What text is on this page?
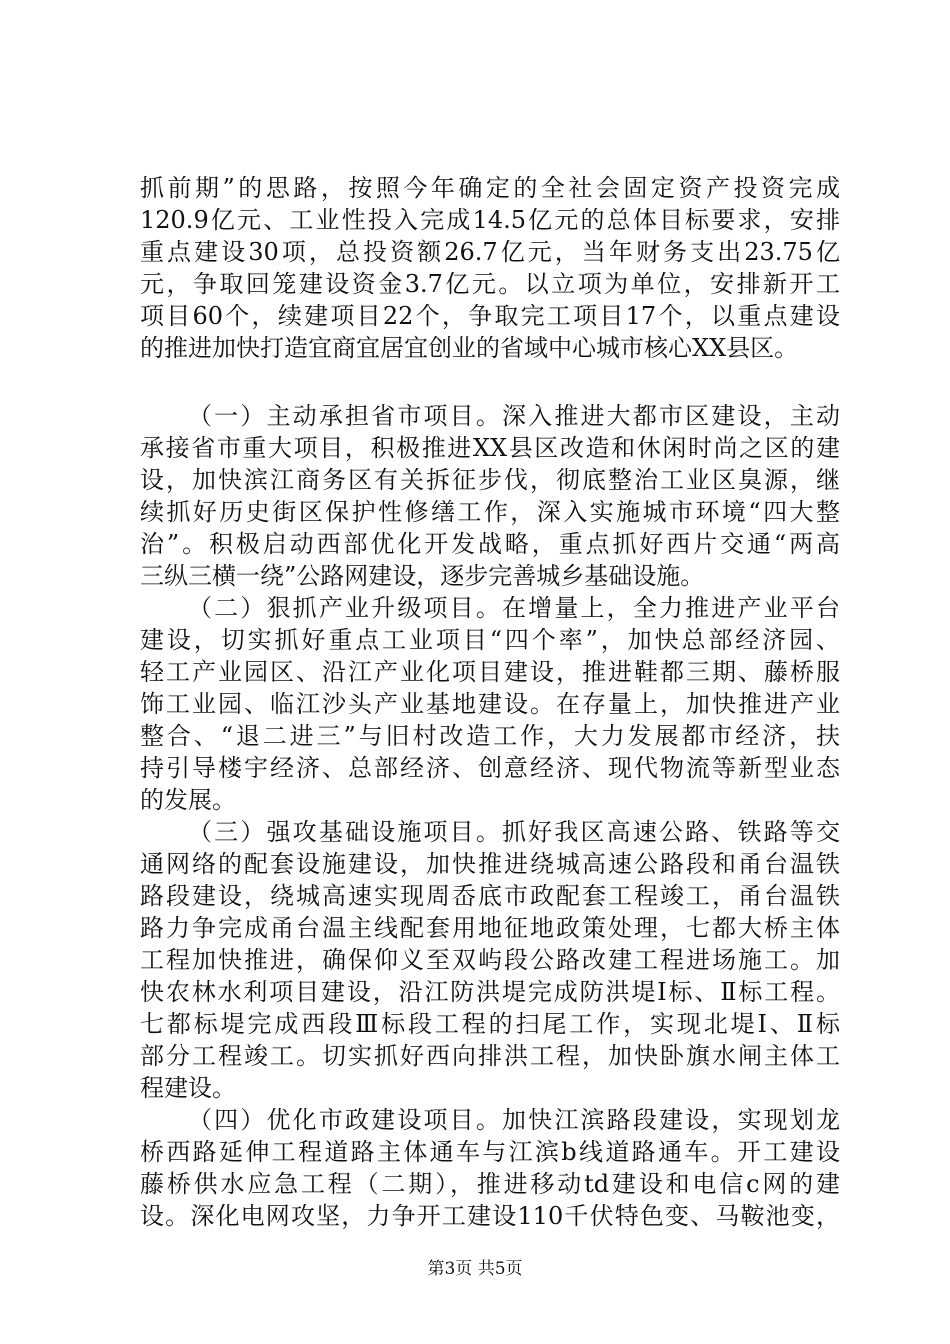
抓前期”的思路，按照今年确定的全社会固定资产投资完成
120.9亿元、工业性投入完成14.5亿元的总体目标要求，安排
重点建设30项，总投资额26.7亿元，当年财务支出23.75亿
元，争取回笼建设资金3.7亿元。以立项为单位，安排新开工
项目60个，续建项目22个，争取完工项目17个，以重点建设
的推进加快打造宜商宜居宜创业的省域中心城市核心XX县区。
（一）主动承担省市项目。深入推进大都市区建设，主动
承接省市重大项目，积极推进XX县区改造和休闲时尚之区的建
设，加快滨江商务区有关拆征步伐，彻底整治工业区臭源，继
续抓好历史街区保护性修缮工作，深入实施城市环境“四大整
治”。积极启动西部优化开发战略，重点抓好西片交通“两高
三纵三横一绕”公路网建设，逐步完善城乡基础设施。
（二）狠抓产业升级项目。在增量上，全力推进产业平台
建设，切实抓好重点工业项目“四个率”，加快总部经济园、
轻工产业园区、沿江产业化项目建设，推进鞋都三期、藤桥服
饰工业园、临江沙头产业基地建设。在存量上，加快推进产业
整合、“退二进三”与旧村改造工作，大力发展都市经济，扶
持引导楼宇经济、总部经济、创意经济、现代物流等新型业态
的发展。
（三）强攻基础设施项目。抓好我区高速公路、铁路等交
通网络的配套设施建设，加快推进绕城高速公路段和甬台温铁
路段建设，绕城高速实现周岙底市政配套工程竣工，甬台温铁
路力争完成甬台温主线配套用地征地政策处理，七都大桥主体
工程加快推进，确保仰义至双屿段公路改建工程进场施工。加
快农林水利项目建设，沿江防洪堤完成防洪堤Ⅰ标、Ⅱ标工程。
七都标堤完成西段Ⅲ标段工程的扫尾工作，实现北堤Ⅰ、Ⅱ标
部分工程竣工。切实抓好西向排洪工程，加快卧旗水闸主体工
程建设。
（四）优化市政建设项目。加快江滨路段建设，实现划龙
桥西路延伸工程道路主体通车与江滨b线道路通车。开工建设
藤桥供水应急工程（二期），推进移动td建设和电信c网的建
设。深化电网攻坚，力争开工建设110千伏特色变、马鞍池变，
第3页 共5页
